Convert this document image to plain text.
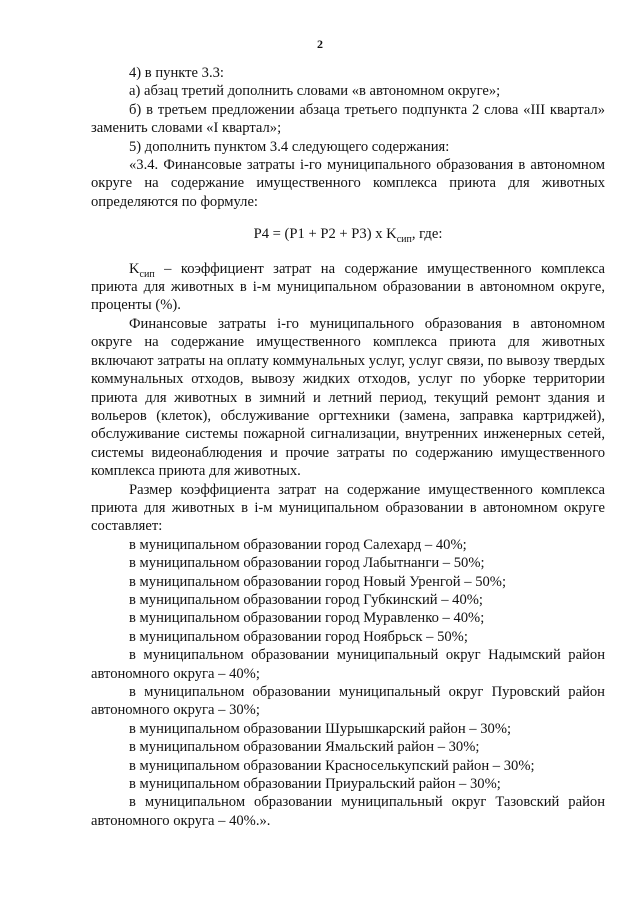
2

4) в пункте 3.3:

а) абзац третий дополнить словами «в автономном округе»;

б) в третьем предложении абзаца третьего подпункта 2 слова «III квартал» заменить словами «I квартал»;

5) дополнить пунктом 3.4 следующего содержания:

«3.4. Финансовые затраты i-го муниципального образования в автономном округе на содержание имущественного комплекса приюта для животных определяются по формуле:

P4 = (P1 + P2 + P3) x $K_{сип}$, где:

$K_{сип}$ – коэффициент затрат на содержание имущественного комплекса приюта для животных в i-м муниципальном образовании в автономном округе, проценты (%).

Финансовые затраты i-го муниципального образования в автономном округе на содержание имущественного комплекса приюта для животных включают затраты на оплату коммунальных услуг, услуг связи, по вывозу твердых коммунальных отходов, вывозу жидких отходов, услуг по уборке территории приюта для животных в зимний и летний период, текущий ремонт здания и вольеров (клеток), обслуживание оргтехники (замена, заправка картриджей), обслуживание системы пожарной сигнализации, внутренних инженерных сетей, системы видеонаблюдения и прочие затраты по содержанию имущественного комплекса приюта для животных.

Размер коэффициента затрат на содержание имущественного комплекса приюта для животных в i-м муниципальном образовании в автономном округе составляет:

в муниципальном образовании город Салехард – 40%;

в муниципальном образовании город Лабытнанги – 50%;

в муниципальном образовании город Новый Уренгой – 50%;

в муниципальном образовании город Губкинский – 40%;

в муниципальном образовании город Муравленко – 40%;

в муниципальном образовании город Ноябрьск – 50%;

в муниципальном образовании муниципальный округ Надымский район автономного округа – 40%;

в муниципальном образовании муниципальный округ Пуровский район автономного округа – 30%;

в муниципальном образовании Шурышкарский район – 30%;

в муниципальном образовании Ямальский район – 30%;

в муниципальном образовании Красноселькупский район – 30%;

в муниципальном образовании Приуральский район – 30%;

в муниципальном образовании муниципальный округ Тазовский район автономного округа – 40%.».
